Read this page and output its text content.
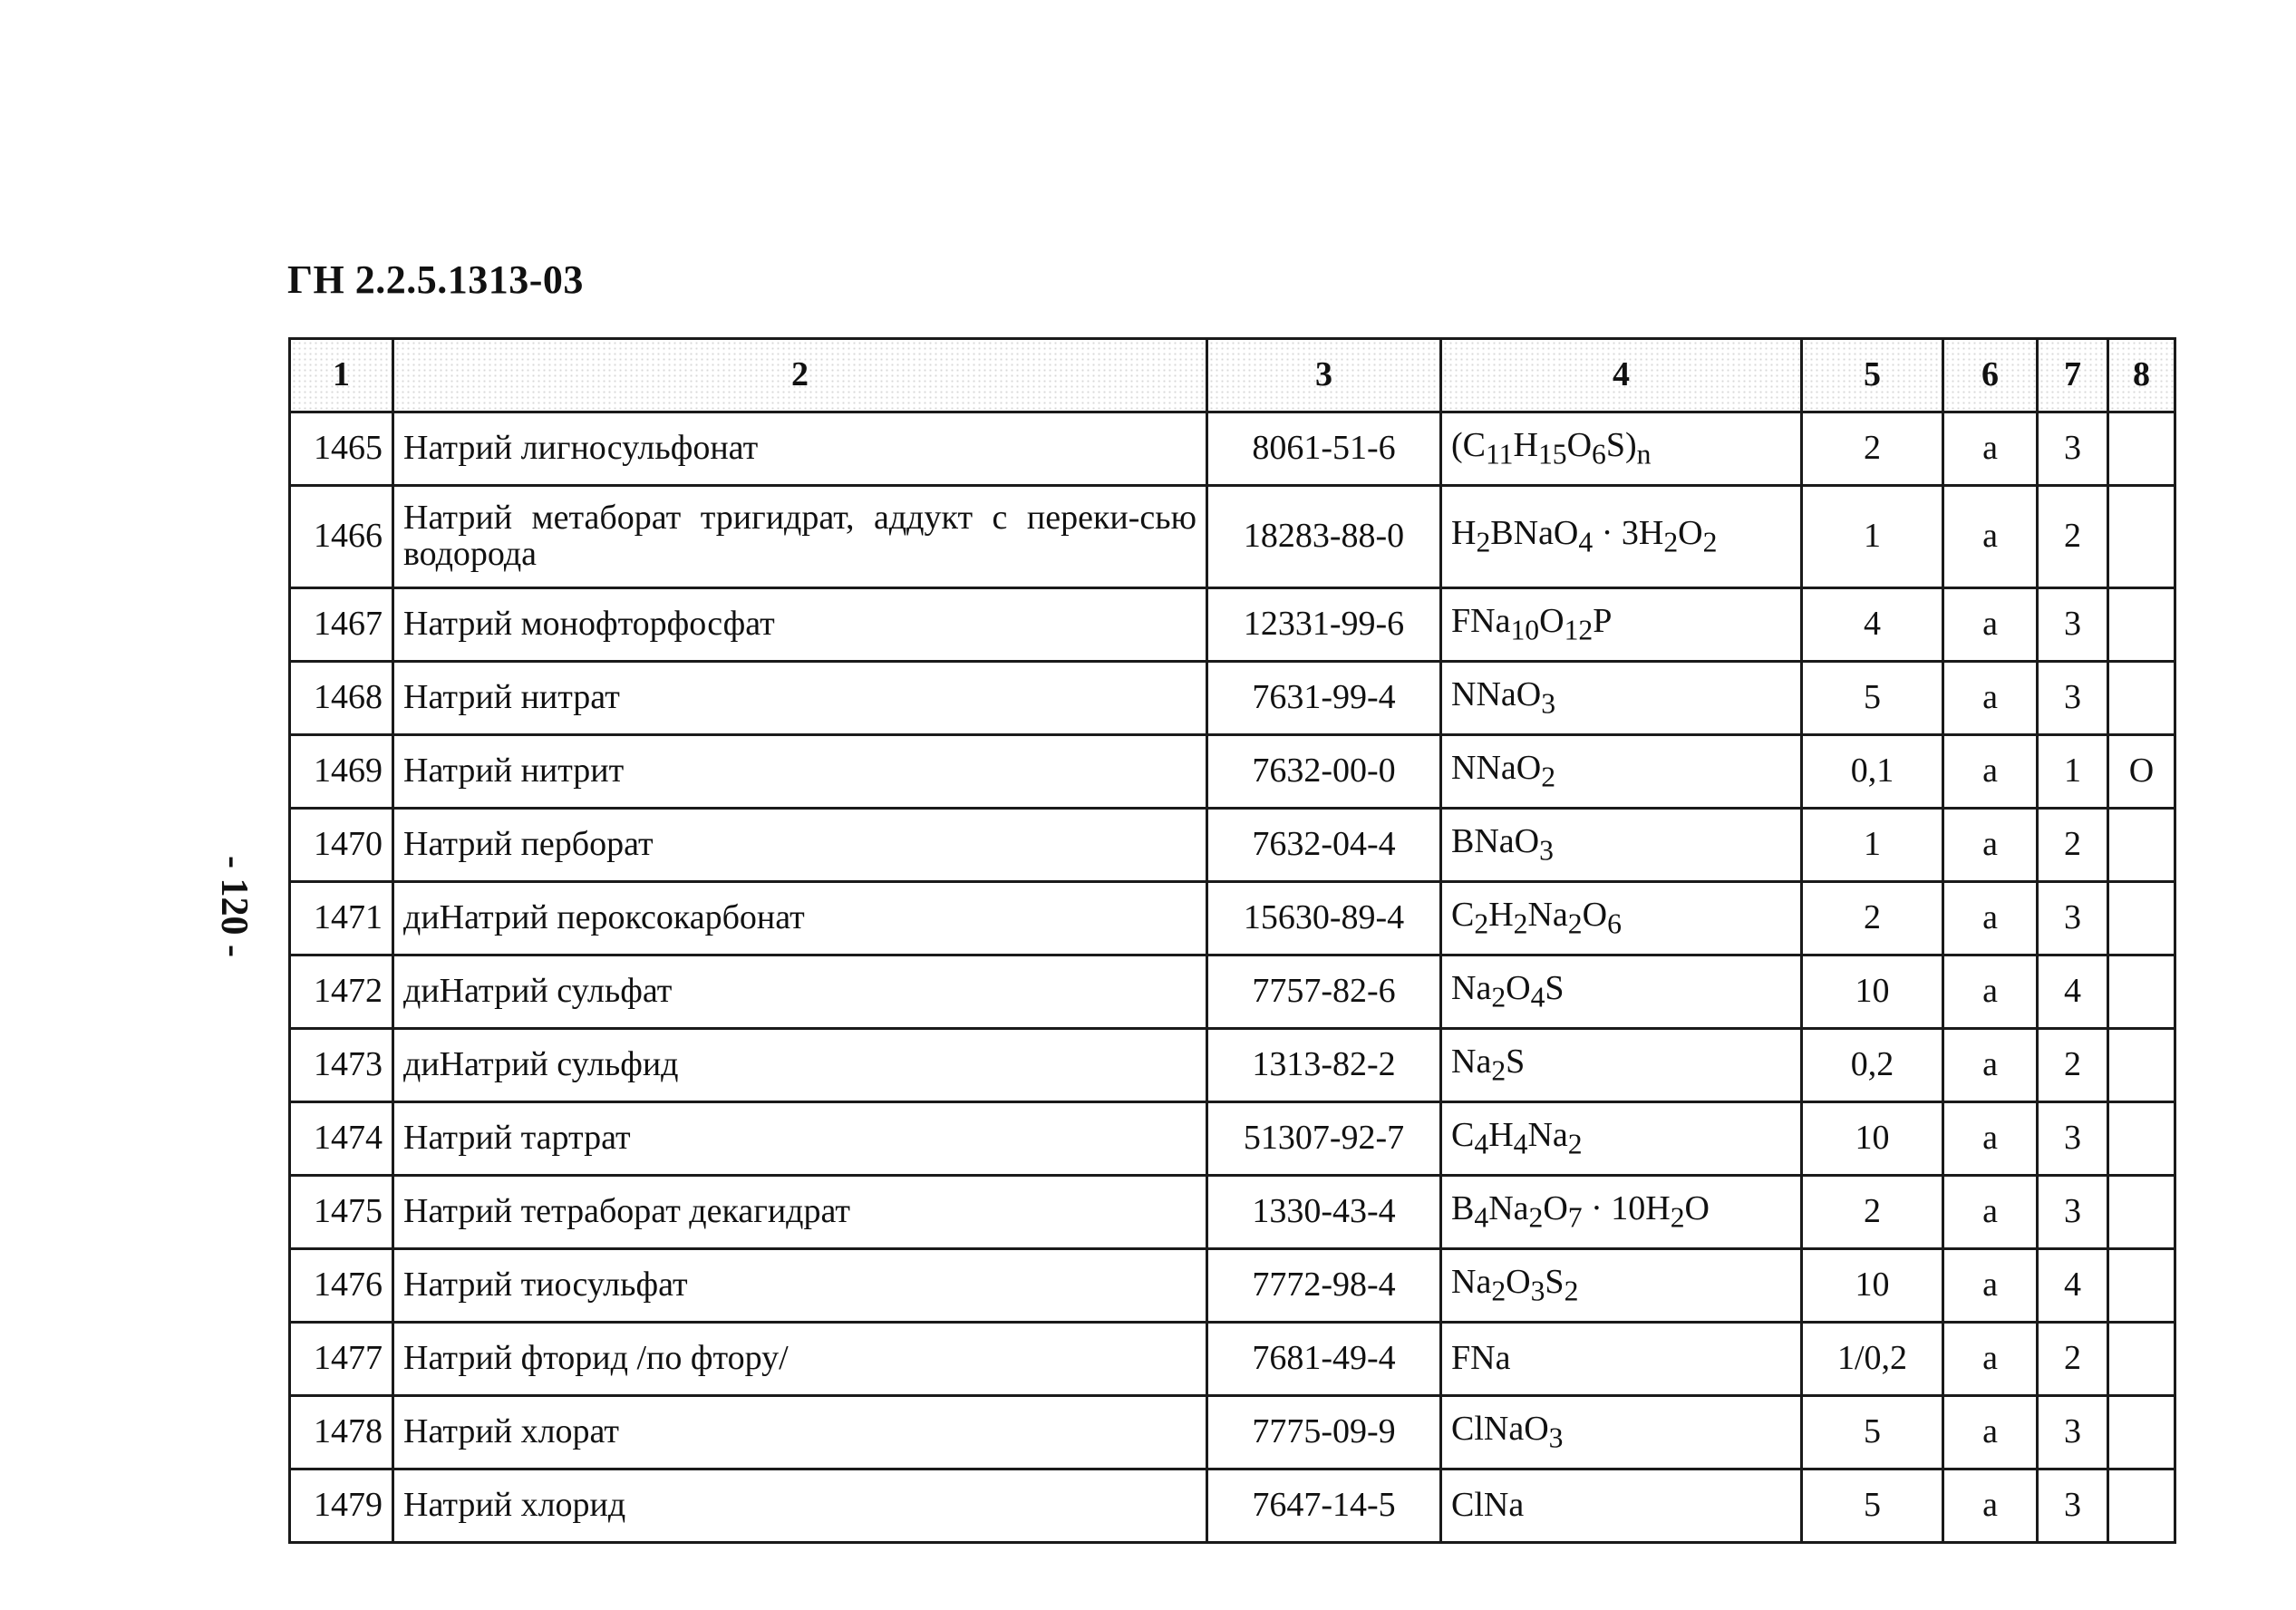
ГН 2.2.5.1313-03
- 120 -
1	2	3	4	5	6	7	8
1465	Натрий лигносульфонат	8061-51-6	$(C_{11}H_{15}O_6S)_n$	2	а	3	
1466	Натрий метаборат тригидрат, аддукт с переки-сью водорода	18283-88-0	$H_2BNaO_4 \cdot 3H_2O_2$	1	а	2	
1467	Натрий монофторфосфат	12331-99-6	$FNa_{10}O_{12}P$	4	а	3	
1468	Натрий нитрат	7631-99-4	NNaO$_3$	5	а	3	
1469	Натрий нитрит	7632-00-0	NNaO$_2$	0,1	а	1	О
1470	Натрий перборат	7632-04-4	BNaO$_3$	1	а	2	
1471	диНатрий пероксокарбонат	15630-89-4	$C_2H_2Na_2O_6$	2	а	3	
1472	диНатрий сульфат	7757-82-6	$Na_2O_4S$	10	а	4	
1473	диНатрий сульфид	1313-82-2	$Na_2S$	0,2	а	2	
1474	Натрий тартрат	51307-92-7	$C_4H_4Na_2$	10	а	3	
1475	Натрий тетраборат декагидрат	1330-43-4	$B_4Na_2O_7 \cdot 10H_2O$	2	а	3	
1476	Натрий тиосульфат	7772-98-4	$Na_2O_3S_2$	10	а	4	
1477	Натрий фторид /по фтору/	7681-49-4	FNa	1/0,2	а	2	
1478	Натрий хлорат	7775-09-9	ClNaO$_3$	5	а	3	
1479	Натрий хлорид	7647-14-5	ClNa	5	а	3	
